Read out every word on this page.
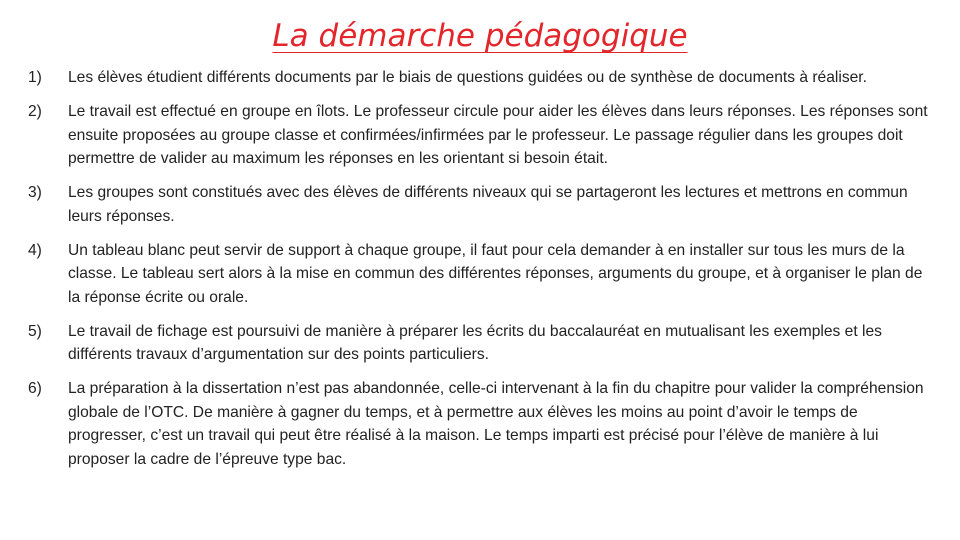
La démarche pédagogique
1)	Les élèves étudient différents documents par le biais de questions guidées ou de synthèse de documents à réaliser.
2)	Le travail est effectué en groupe en îlots. Le professeur circule pour aider les élèves dans leurs réponses. Les réponses sont ensuite proposées au groupe classe et confirmées/infirmées par le professeur. Le passage régulier dans les groupes doit permettre de valider au maximum les réponses en les orientant si besoin était.
3)	Les groupes sont constitués avec des élèves de différents niveaux qui se partageront les lectures et mettrons en commun leurs réponses.
4)	Un tableau blanc peut servir de support à chaque groupe, il faut pour cela demander à en installer sur tous les murs de la classe. Le tableau sert alors à la mise en commun des différentes réponses, arguments du groupe, et à organiser le plan de la réponse écrite ou orale.
5)	Le travail de fichage est poursuivi de manière à préparer les écrits du baccalauréat en mutualisant les exemples et les différents travaux d’argumentation sur des points particuliers.
6)	La préparation à la dissertation n’est pas abandonnée, celle-ci intervenant à la fin du chapitre pour valider la compréhension globale de l’OTC. De manière à gagner du temps, et à permettre aux élèves les moins au point d’avoir le temps de progresser, c’est un travail qui peut être réalisé à la maison. Le temps imparti est précisé pour l’élève de manière à lui proposer la cadre de l’épreuve type bac.
